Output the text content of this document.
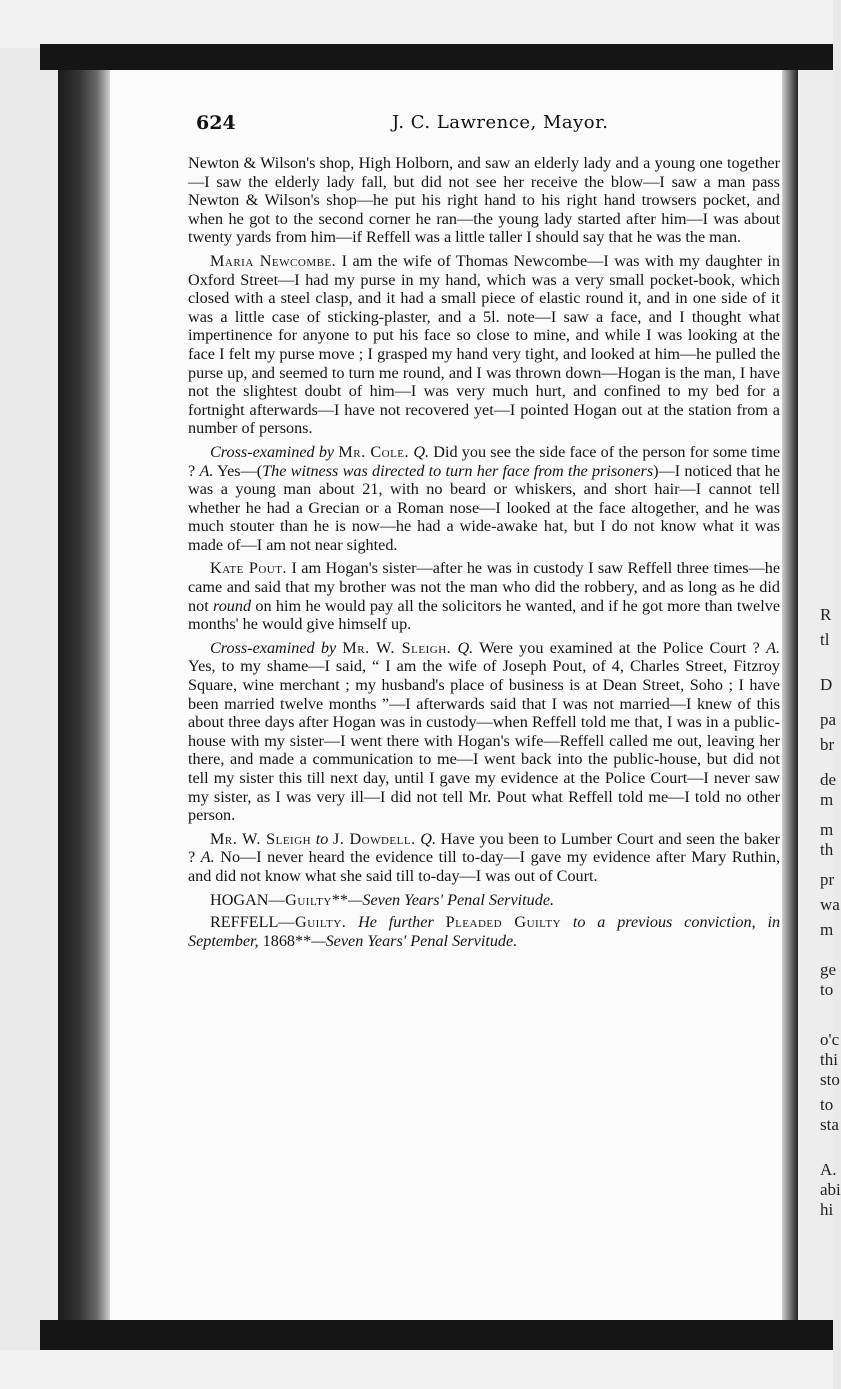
R
tl
D
pa
br
de
m
m
th
pr
wa
m
ge
to
o'c
thi
sto
to
sta
A.
abi
hi
624	J. C. Lawrence, Mayor.

Newton & Wilson's shop, High Holborn, and saw an elderly lady and a young one together—I saw the elderly lady fall, but did not see her receive the blow—I saw a man pass Newton & Wilson's shop—he put his right hand to his right hand trowsers pocket, and when he got to the second corner he ran—the young lady started after him—I was about twenty yards from him—if Reffell was a little taller I should say that he was the man.

Maria Newcombe. I am the wife of Thomas Newcombe—I was with my daughter in Oxford Street—I had my purse in my hand, which was a very small pocket-book, which closed with a steel clasp, and it had a small piece of elastic round it, and in one side of it was a little case of sticking-plaster, and a 5l. note—I saw a face, and I thought what impertinence for anyone to put his face so close to mine, and while I was looking at the face I felt my purse move ; I grasped my hand very tight, and looked at him—he pulled the purse up, and seemed to turn me round, and I was thrown down—Hogan is the man, I have not the slightest doubt of him—I was very much hurt, and confined to my bed for a fortnight afterwards—I have not recovered yet—I pointed Hogan out at the station from a number of persons.

Cross-examined by Mr. Cole. Q. Did you see the side face of the person for some time ? A. Yes—(The witness was directed to turn her face from the prisoners)—I noticed that he was a young man about 21, with no beard or whiskers, and short hair—I cannot tell whether he had a Grecian or a Roman nose—I looked at the face altogether, and he was much stouter than he is now—he had a wide-awake hat, but I do not know what it was made of—I am not near sighted.

Kate Pout. I am Hogan's sister—after he was in custody I saw Reffell three times—he came and said that my brother was not the man who did the robbery, and as long as he did not round on him he would pay all the solicitors he wanted, and if he got more than twelve months' he would give himself up.

Cross-examined by Mr. W. Sleigh. Q. Were you examined at the Police Court ? A. Yes, to my shame—I said, “ I am the wife of Joseph Pout, of 4, Charles Street, Fitzroy Square, wine merchant ; my husband's place of business is at Dean Street, Soho ; I have been married twelve months ”—I afterwards said that I was not married—I knew of this about three days after Hogan was in custody—when Reffell told me that, I was in a public-house with my sister—I went there with Hogan's wife—Reffell called me out, leaving her there, and made a communication to me—I went back into the public-house, but did not tell my sister this till next day, until I gave my evidence at the Police Court—I never saw my sister, as I was very ill—I did not tell Mr. Pout what Reffell told me—I told no other person.

Mr. W. Sleigh to J. Dowdell. Q. Have you been to Lumber Court and seen the baker ? A. No—I never heard the evidence till to-day—I gave my evidence after Mary Ruthin, and did not know what she said till to-day—I was out of Court.

HOGAN—Guilty**—Seven Years' Penal Servitude.

REFFELL—Guilty. He further Pleaded Guilty to a previous conviction, in September, 1868**—Seven Years' Penal Servitude.
